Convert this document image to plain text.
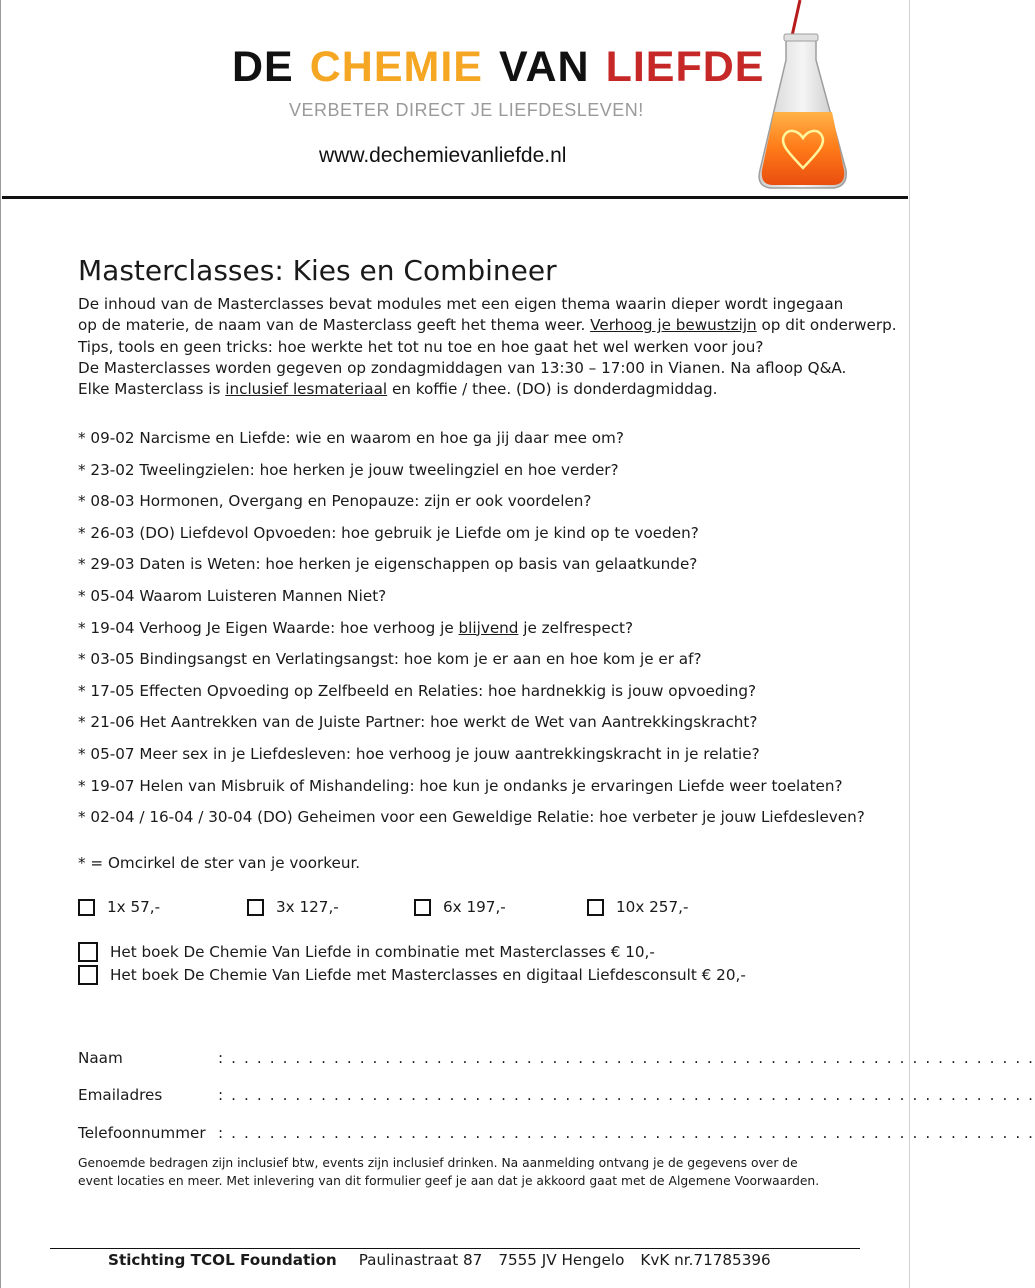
DE CHEMIE VAN LIEFDE
VERBETER DIRECT JE LIEFDESLEVEN!
www.dechemievanliefde.nl
Masterclasses: Kies en Combineer
De inhoud van de Masterclasses bevat modules met een eigen thema waarin dieper wordt ingegaan
op de materie, de naam van de Masterclass geeft het thema weer. Verhoog je bewustzijn op dit onderwerp.
Tips, tools en geen tricks: hoe werkte het tot nu toe en hoe gaat het wel werken voor jou?
De Masterclasses worden gegeven op zondagmiddagen van 13:30 – 17:00 in Vianen. Na afloop Q&A.
Elke Masterclass is inclusief lesmateriaal en koffie / thee. (DO) is donderdagmiddag.
* 09-02 Narcisme en Liefde: wie en waarom en hoe ga jij daar mee om?
* 23-02 Tweelingzielen: hoe herken je jouw tweelingziel en hoe verder?
* 08-03 Hormonen, Overgang en Penopauze: zijn er ook voordelen?
* 26-03 (DO) Liefdevol Opvoeden: hoe gebruik je Liefde om je kind op te voeden?
* 29-03 Daten is Weten: hoe herken je eigenschappen op basis van gelaatkunde?
* 05-04 Waarom Luisteren Mannen Niet?
* 19-04 Verhoog Je Eigen Waarde: hoe verhoog je blijvend je zelfrespect?
* 03-05 Bindingsangst en Verlatingsangst: hoe kom je er aan en hoe kom je er af?
* 17-05 Effecten Opvoeding op Zelfbeeld en Relaties: hoe hardnekkig is jouw opvoeding?
* 21-06 Het Aantrekken van de Juiste Partner: hoe werkt de Wet van Aantrekkingskracht?
* 05-07 Meer sex in je Liefdesleven: hoe verhoog je jouw aantrekkingskracht in je relatie?
* 19-07 Helen van Misbruik of Mishandeling: hoe kun je ondanks je ervaringen Liefde weer toelaten?
* 02-04 / 16-04 / 30-04 (DO) Geheimen voor een Geweldige Relatie: hoe verbeter je jouw Liefdesleven?
* = Omcirkel de ster van je voorkeur.
1x 57,-	3x 127,-	6x 197,-	10x 257,-
Het boek De Chemie Van Liefde in combinatie met Masterclasses € 10,-
Het boek De Chemie Van Liefde met Masterclasses en digitaal Liefdesconsult € 20,-
Naam	: . . . . . . . . . . . . . . . . . . . . . . . . . . . . . . . . . . . . . . . . . . . . . . . . . . . . . . . . . . . . . . .
Emailadres	: . . . . . . . . . . . . . . . . . . . . . . . . . . . . . . . . . . . . . . . . . . . . . . . . . . . . . . . . . . . . . . .
Telefoonnummer : . . . . . . . . . . . . . . . . . . . . . . . . . . . . . . . . . . . . . . . . . . . . . . . . . . . . . . . . . . . . . . .
Genoemde bedragen zijn inclusief btw, events zijn inclusief drinken. Na aanmelding ontvang je de gegevens over de
event locaties en meer. Met inlevering van dit formulier geef je aan dat je akkoord gaat met de Algemene Voorwaarden.
Stichting TCOL Foundation Paulinastraat 87 7555 JV Hengelo KvK nr.71785396
